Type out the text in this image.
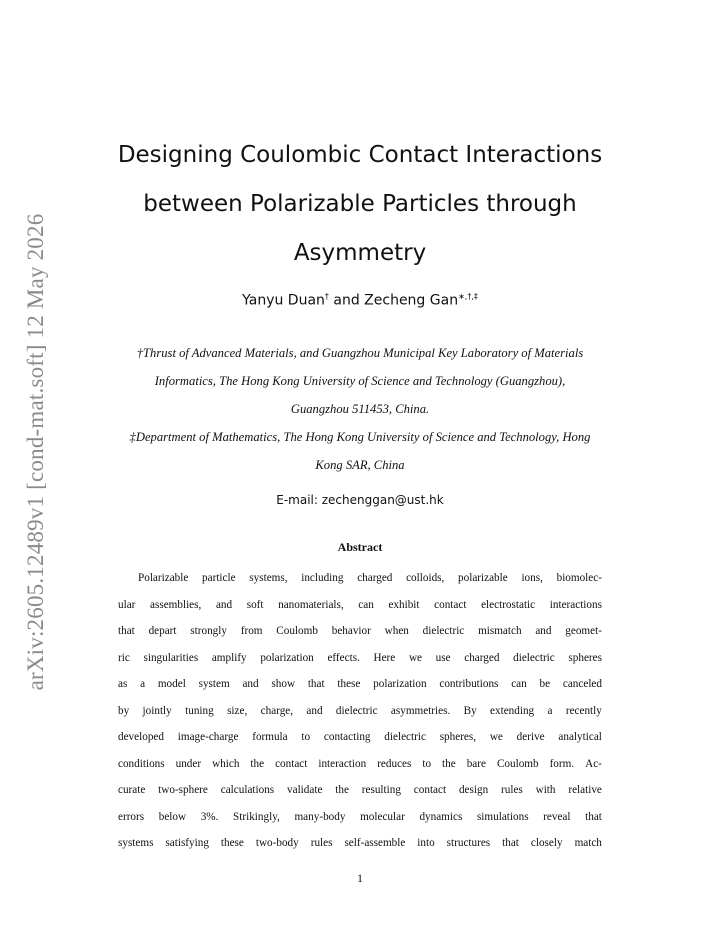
arXiv:2605.12489v1 [cond-mat.soft] 12 May 2026
Designing Coulombic Contact Interactions
between Polarizable Particles through
Asymmetry
Yanyu Duan† and Zecheng Gan∗,†,‡
†Thrust of Advanced Materials, and Guangzhou Municipal Key Laboratory of Materials
Informatics, The Hong Kong University of Science and Technology (Guangzhou),
Guangzhou 511453, China.
‡Department of Mathematics, The Hong Kong University of Science and Technology, Hong
Kong SAR, China
E-mail: zechenggan@ust.hk
Abstract
Polarizable particle systems, including charged colloids, polarizable ions, biomolec-
ular assemblies, and soft nanomaterials, can exhibit contact electrostatic interactions
that depart strongly from Coulomb behavior when dielectric mismatch and geomet-
ric singularities amplify polarization effects. Here we use charged dielectric spheres
as a model system and show that these polarization contributions can be canceled
by jointly tuning size, charge, and dielectric asymmetries. By extending a recently
developed image-charge formula to contacting dielectric spheres, we derive analytical
conditions under which the contact interaction reduces to the bare Coulomb form. Ac-
curate two-sphere calculations validate the resulting contact design rules with relative
errors below 3%. Strikingly, many-body molecular dynamics simulations reveal that
systems satisfying these two-body rules self-assemble into structures that closely match
1
